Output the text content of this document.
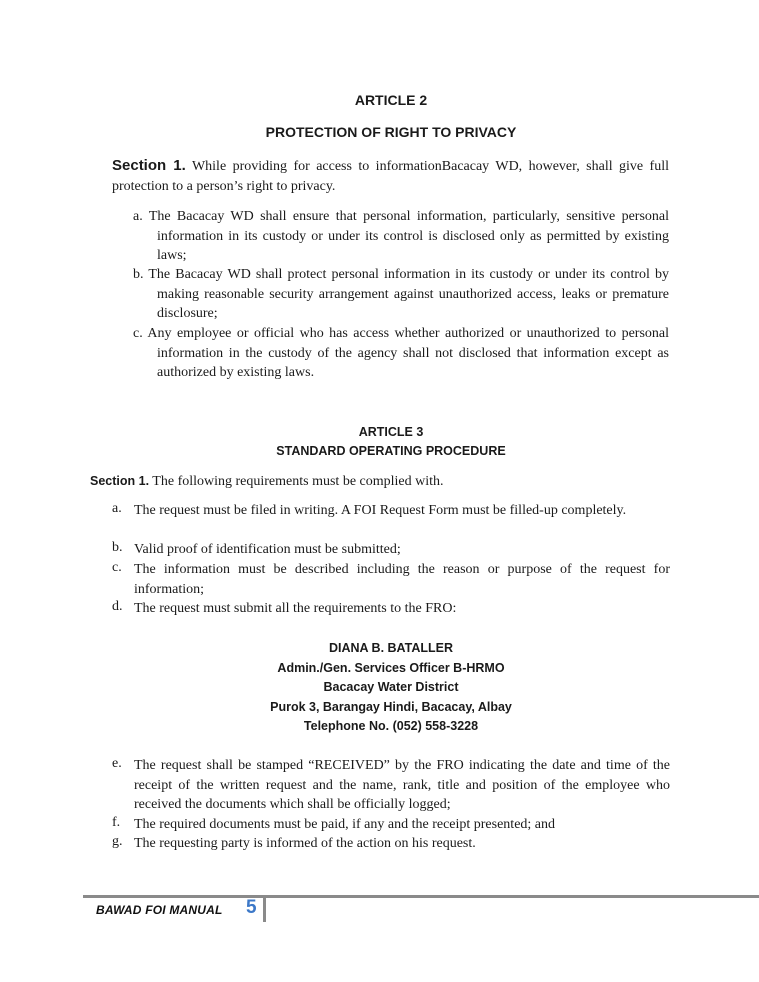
ARTICLE 2
PROTECTION OF RIGHT TO PRIVACY
Section 1. While providing for access to informationBacacay WD, however, shall give full protection to a person’s right to privacy.
a. The Bacacay WD shall ensure that personal information, particularly, sensitive personal information in its custody or under its control is disclosed only as permitted by existing laws;
b. The Bacacay WD shall protect personal information in its custody or under its control by making reasonable security arrangement against unauthorized access, leaks or premature disclosure;
c. Any employee or official who has access whether authorized or unauthorized to personal information in the custody of the agency shall not disclosed that information except as authorized by existing laws.
ARTICLE 3
STANDARD OPERATING PROCEDURE
Section 1. The following requirements must be complied with.
a. The request must be filed in writing. A FOI Request Form must be filled-up completely.
b. Valid proof of identification must be submitted;
c. The information must be described including the reason or purpose of the request for information;
d. The request must submit all the requirements to the FRO:
DIANA B. BATALLER
Admin./Gen. Services Officer B-HRMO
Bacacay Water District
Purok 3, Barangay Hindi, Bacacay, Albay
Telephone No. (052) 558-3228
e. The request shall be stamped “RECEIVED” by the FRO indicating the date and time of the receipt of the written request and the name, rank, title and position of the employee who received the documents which shall be officially logged;
f. The required documents must be paid, if any and the receipt presented; and
g. The requesting party is informed of the action on his request.
BAWAD FOI MANUAL 5
